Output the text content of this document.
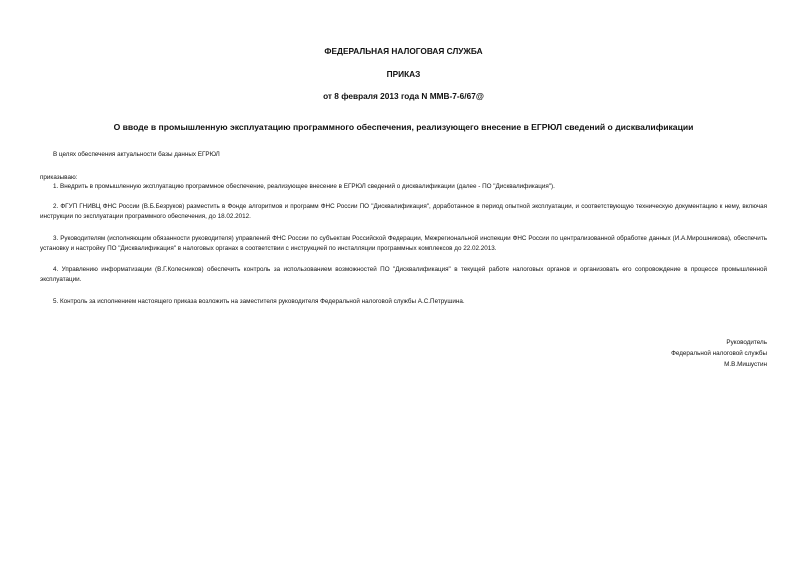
ФЕДЕРАЛЬНАЯ НАЛОГОВАЯ СЛУЖБА
ПРИКАЗ
от 8 февраля 2013 года N ММВ-7-6/67@
О вводе в промышленную эксплуатацию программного обеспечения, реализующего внесение в ЕГРЮЛ сведений о дисквалификации

В целях обеспечения актуальности базы данных ЕГРЮЛ

приказываю:

1. Внедрить в промышленную эксплуатацию программное обеспечение, реализующее внесение в ЕГРЮЛ сведений о дисквалификации (далее - ПО "Дисквалификация").

2. ФГУП ГНИВЦ ФНС России (В.Б.Безруков) разместить в Фонде алгоритмов и программ ФНС России ПО "Дисквалификация", доработанное в период опытной эксплуатации, и соответствующую техническую документацию к нему, включая инструкции по эксплуатации программного обеспечения, до 18.02.2012.

3. Руководителям (исполняющим обязанности руководителя) управлений ФНС России по субъектам Российской Федерации, Межрегиональной инспекции ФНС России по централизованной обработке данных (И.А.Мирошникова), обеспечить установку и настройку ПО "Дисквалификация" в налоговых органах в соответствии с инструкцией по инсталляции программных комплексов до 22.02.2013.

4. Управлению информатизации (В.Г.Колесников) обеспечить контроль за использованием возможностей ПО "Дисквалификация" в текущей работе налоговых органов и организовать его сопровождение в процессе промышленной эксплуатации.

5. Контроль за исполнением настоящего приказа возложить на заместителя руководителя Федеральной налоговой службы А.С.Петрушина.

Руководитель
Федеральной налоговой службы
М.В.Мишустин
